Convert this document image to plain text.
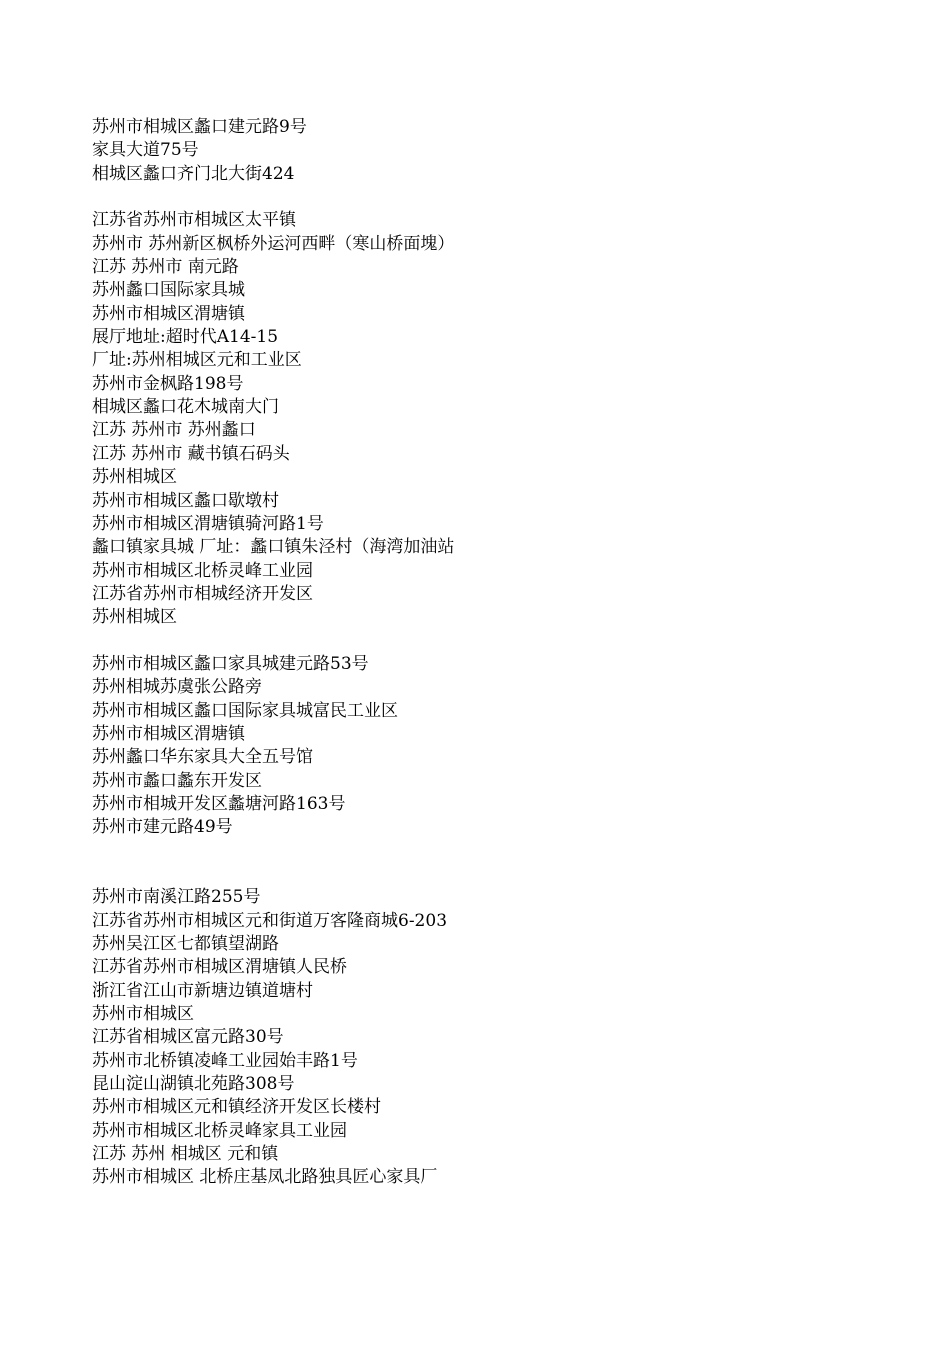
苏州市相城区蠡口建元路9号
家具大道75号
相城区蠡口齐门北大街424
江苏省苏州市相城区太平镇
苏州市 苏州新区枫桥外运河西畔（寒山桥面塊）
江苏 苏州市 南元路
苏州蠡口国际家具城
苏州市相城区渭塘镇
展厅地址:超时代A14-15
厂址:苏州相城区元和工业区
苏州市金枫路198号
相城区蠡口花木城南大门
江苏 苏州市 苏州蠡口
江苏 苏州市 藏书镇石码头
苏州相城区
苏州市相城区蠡口歇墩村
苏州市相城区渭塘镇骑河路1号
蠡口镇家具城 厂址：蠡口镇朱泾村（海湾加油站
苏州市相城区北桥灵峰工业园
江苏省苏州市相城经济开发区
苏州相城区
苏州市相城区蠡口家具城建元路53号
苏州相城苏虞张公路旁
苏州市相城区蠡口国际家具城富民工业区
苏州市相城区渭塘镇
苏州蠡口华东家具大全五号馆
苏州市蠡口蠡东开发区
苏州市相城开发区蠡塘河路163号
苏州市建元路49号
苏州市南溪江路255号
江苏省苏州市相城区元和街道万客隆商城6-203
苏州吴江区七都镇望湖路
江苏省苏州市相城区渭塘镇人民桥
浙江省江山市新塘边镇道塘村
苏州市相城区
江苏省相城区富元路30号
苏州市北桥镇凌峰工业园始丰路1号
昆山淀山湖镇北苑路308号
苏州市相城区元和镇经济开发区长楼村
苏州市相城区北桥灵峰家具工业园
江苏 苏州 相城区 元和镇
苏州市相城区 北桥庄基凤北路独具匠心家具厂
